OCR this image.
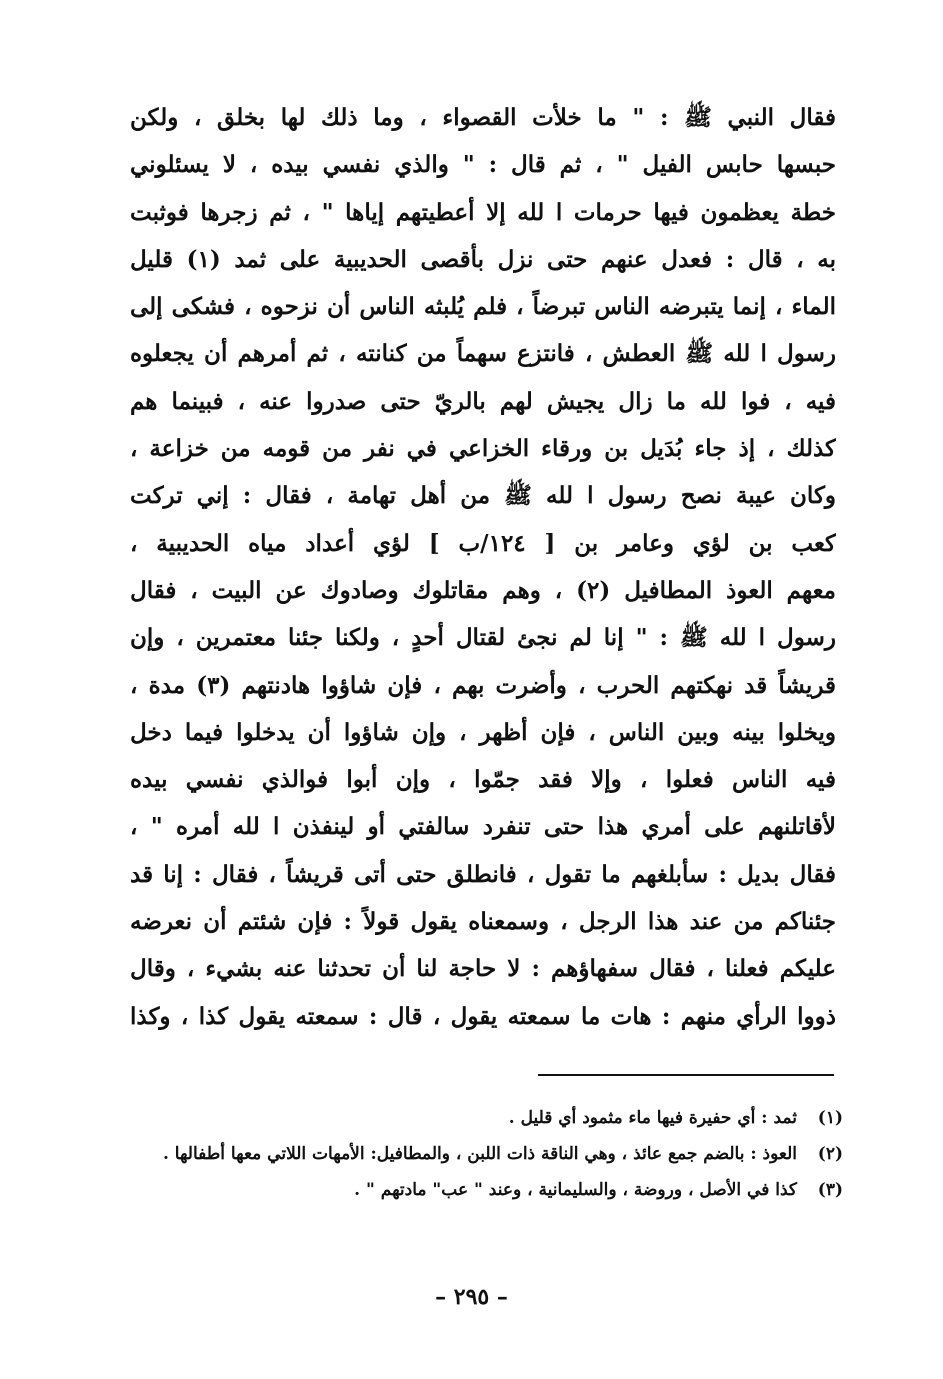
فقال النبي ﷺ : " ما خلأت القصواء ، وما ذلك لها بخلق ، ولكن
حبسها حابس الفيل " ، ثم قال : " والذي نفسي بيده ، لا يسئلوني
خطة يعظمون فيها حرمات ا لله إلا أعطيتهم إياها " ، ثم زجرها فوثبت
به ، قال : فعدل عنهم حتى نزل بأقصى الحديبية على ثمد (١) قليل
الماء ، إنما يتبرضه الناس تبرضاً ، فلم يُلبثه الناس أن نزحوه ، فشكى إلى
رسول ا لله ﷺ العطش ، فانتزع سهماً من كنانته ، ثم أمرهم أن يجعلوه
فيه ، فوا لله ما زال يجيش لهم بالريّ حتى صدروا عنه ، فبينما هم
كذلك ، إذ جاء بُدَيل بن ورقاء الخزاعي في نفر من قومه من خزاعة ،
وكان عيبة نصح رسول ا لله ﷺ من أهل تهامة ، فقال : إني تركت
كعب بن لؤي وعامر بن [ ١٢٤/ب ] لؤي أعداد مياه الحديبية ،
معهم العوذ المطافيل (٢) ، وهم مقاتلوك وصادوك عن البيت ، فقال
رسول ا لله ﷺ : " إنا لم نجئ لقتال أحدٍ ، ولكنا جئنا معتمرين ، وإن
قريشاً قد نهكتهم الحرب ، وأضرت بهم ، فإن شاؤوا هادنتهم (٣) مدة ،
ويخلوا بينه وبين الناس ، فإن أظهر ، وإن شاؤوا أن يدخلوا فيما دخل
فيه الناس فعلوا ، وإلا فقد جمّوا ، وإن أبوا فوالذي نفسي بيده
لأقاتلنهم على أمري هذا حتى تنفرد سالفتي أو لينفذن ا لله أمره " ،
فقال بديل : سأبلغهم ما تقول ، فانطلق حتى أتى قريشاً ، فقال : إنا قد
جئناكم من عند هذا الرجل ، وسمعناه يقول قولاً : فإن شئتم أن نعرضه
عليكم فعلنا ، فقال سفهاؤهم : لا حاجة لنا أن تحدثنا عنه بشيء ، وقال
ذووا الرأي منهم : هات ما سمعته يقول ، قال : سمعته يقول كذا ، وكذا
(١)
ثمد : أي حفيرة فيها ماء مثمود أي قليل .
(٢)
العوذ : بالضم جمع عائذ ، وهي الناقة ذات اللبن ، والمطافيل: الأمهات اللاتي معها أطفالها .
(٣)
كذا في الأصل ، وروضة ، والسليمانية ، وعند " عب" مادتهم " .
– ٢٩٥ –
